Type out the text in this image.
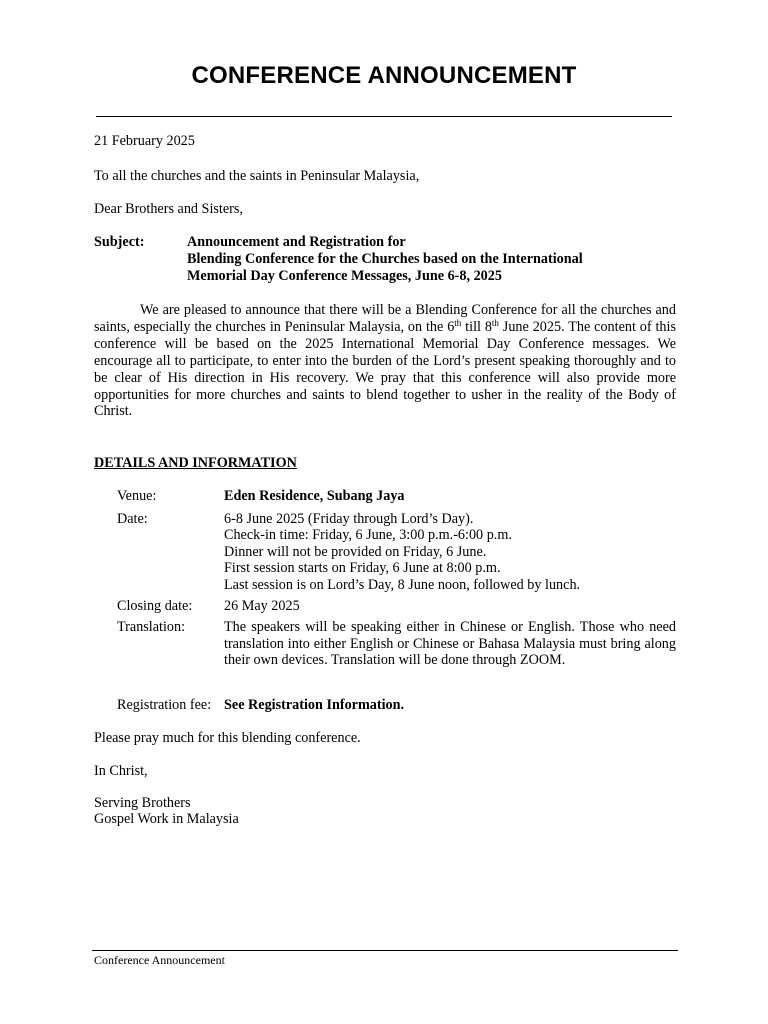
CONFERENCE ANNOUNCEMENT
21 February 2025
To all the churches and the saints in Peninsular Malaysia,
Dear Brothers and Sisters,
Subject:	Announcement and Registration for
Blending Conference for the Churches based on the International
Memorial Day Conference Messages, June 6-8, 2025
We are pleased to announce that there will be a Blending Conference for all the churches and saints, especially the churches in Peninsular Malaysia, on the 6th till 8th June 2025. The content of this conference will be based on the 2025 International Memorial Day Conference messages. We encourage all to participate, to enter into the burden of the Lord’s present speaking thoroughly and to be clear of His direction in His recovery. We pray that this conference will also provide more opportunities for more churches and saints to blend together to usher in the reality of the Body of Christ.
DETAILS AND INFORMATION
Venue:	Eden Residence, Subang Jaya
Date:	6-8 June 2025 (Friday through Lord’s Day).
Check-in time: Friday, 6 June, 3:00 p.m.-6:00 p.m.
Dinner will not be provided on Friday, 6 June.
First session starts on Friday, 6 June at 8:00 p.m.
Last session is on Lord’s Day, 8 June noon, followed by lunch.
Closing date: 26 May 2025
Translation:	The speakers will be speaking either in Chinese or English. Those who need translation into either English or Chinese or Bahasa Malaysia must bring along their own devices. Translation will be done through ZOOM.
Registration fee: See Registration Information.
Please pray much for this blending conference.
In Christ,
Serving Brothers
Gospel Work in Malaysia
Conference Announcement
